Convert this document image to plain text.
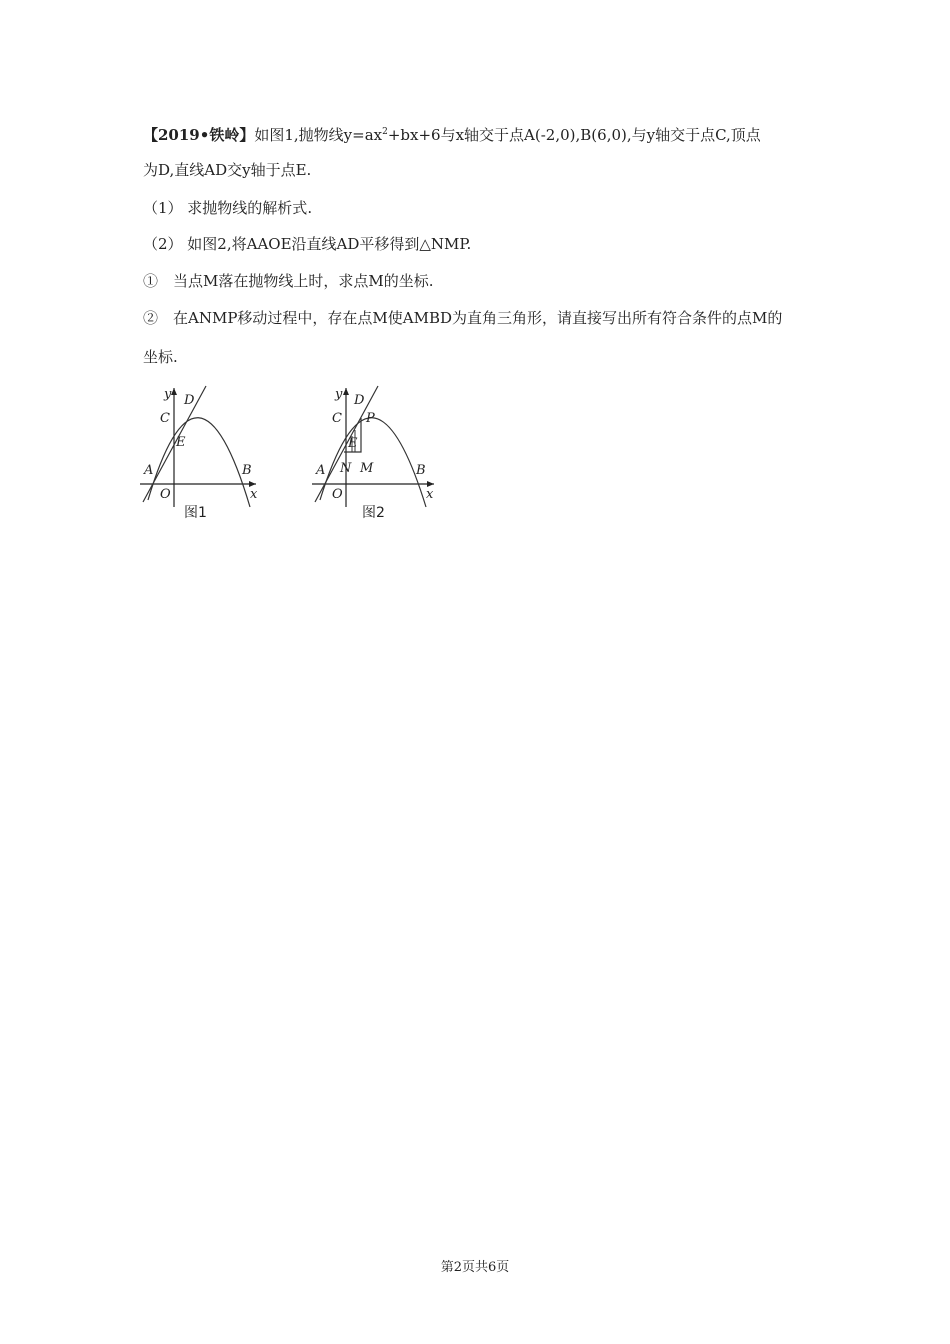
【2019•铁岭】如图1,抛物线$y=ax^2+bx+6$与x轴交于点A(-2,0),B(6,0),与y轴交于点C,顶点
为D,直线AD交y轴于点E.
（1） 求抛物线的解析式.
（2） 如图2,将AAOE沿直线AD平移得到△NMP.
①　当点M落在抛物线上时，求点M的坐标.
②　在ANMP移动过程中，存在点M使AMBD为直角三角形，请直接写出所有符合条件的点M的
坐标.
y D
C
E
A	B
O	x
图1
y D
C P
E
A N M	B
O	x
图2
第2页共6页
